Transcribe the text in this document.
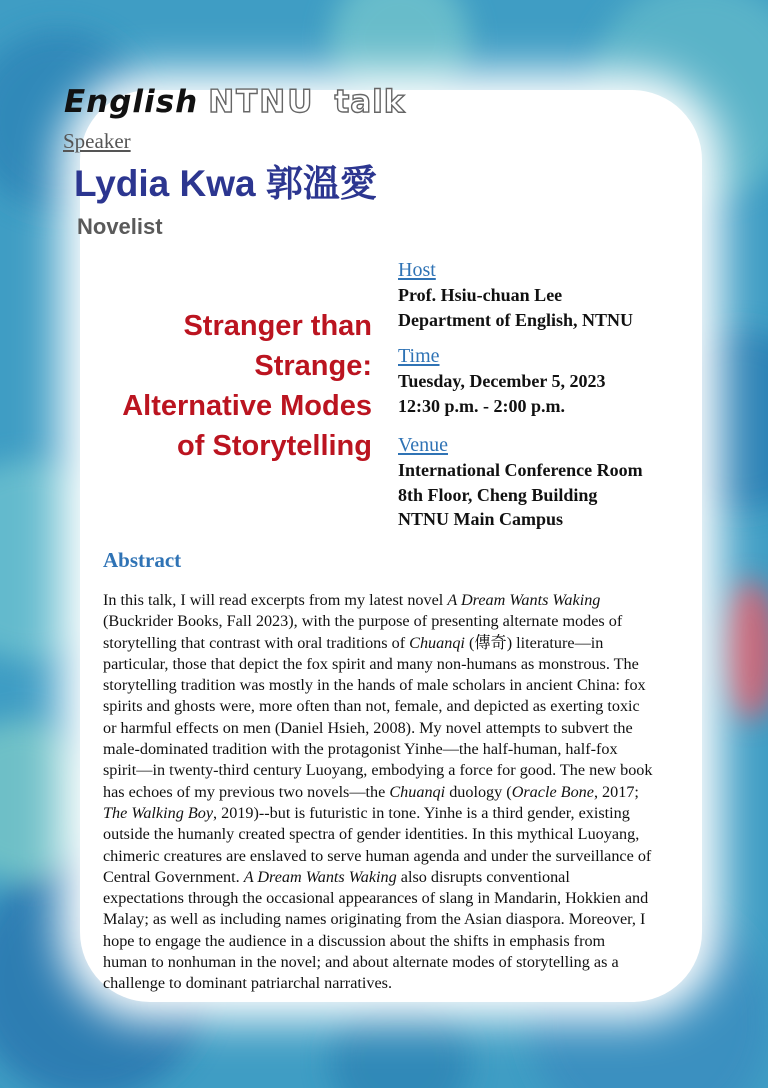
English NTNU talk
Speaker
Lydia Kwa 郭溫愛
Novelist
Stranger than
Strange:
Alternative Modes
of Storytelling
Host
Prof. Hsiu-chuan Lee
Department of English, NTNU
Time
Tuesday, December 5, 2023
12:30 p.m. - 2:00 p.m.
Venue
International Conference Room
8th Floor, Cheng Building
NTNU Main Campus
Abstract
In this talk, I will read excerpts from my latest novel A Dream Wants Waking
(Buckrider Books, Fall 2023), with the purpose of presenting alternate modes of
storytelling that contrast with oral traditions of Chuanqi (傳奇) literature—in
particular, those that depict the fox spirit and many non-humans as monstrous. The
storytelling tradition was mostly in the hands of male scholars in ancient China: fox
spirits and ghosts were, more often than not, female, and depicted as exerting toxic
or harmful effects on men (Daniel Hsieh, 2008). My novel attempts to subvert the
male-dominated tradition with the protagonist Yinhe—the half-human, half-fox
spirit—in twenty-third century Luoyang, embodying a force for good. The new book
has echoes of my previous two novels—the Chuanqi duology (Oracle Bone, 2017;
The Walking Boy, 2019)--but is futuristic in tone. Yinhe is a third gender, existing
outside the humanly created spectra of gender identities. In this mythical Luoyang,
chimeric creatures are enslaved to serve human agenda and under the surveillance of
Central Government. A Dream Wants Waking also disrupts conventional
expectations through the occasional appearances of slang in Mandarin, Hokkien and
Malay; as well as including names originating from the Asian diaspora. Moreover, I
hope to engage the audience in a discussion about the shifts in emphasis from
human to nonhuman in the novel; and about alternate modes of storytelling as a
challenge to dominant patriarchal narratives.
